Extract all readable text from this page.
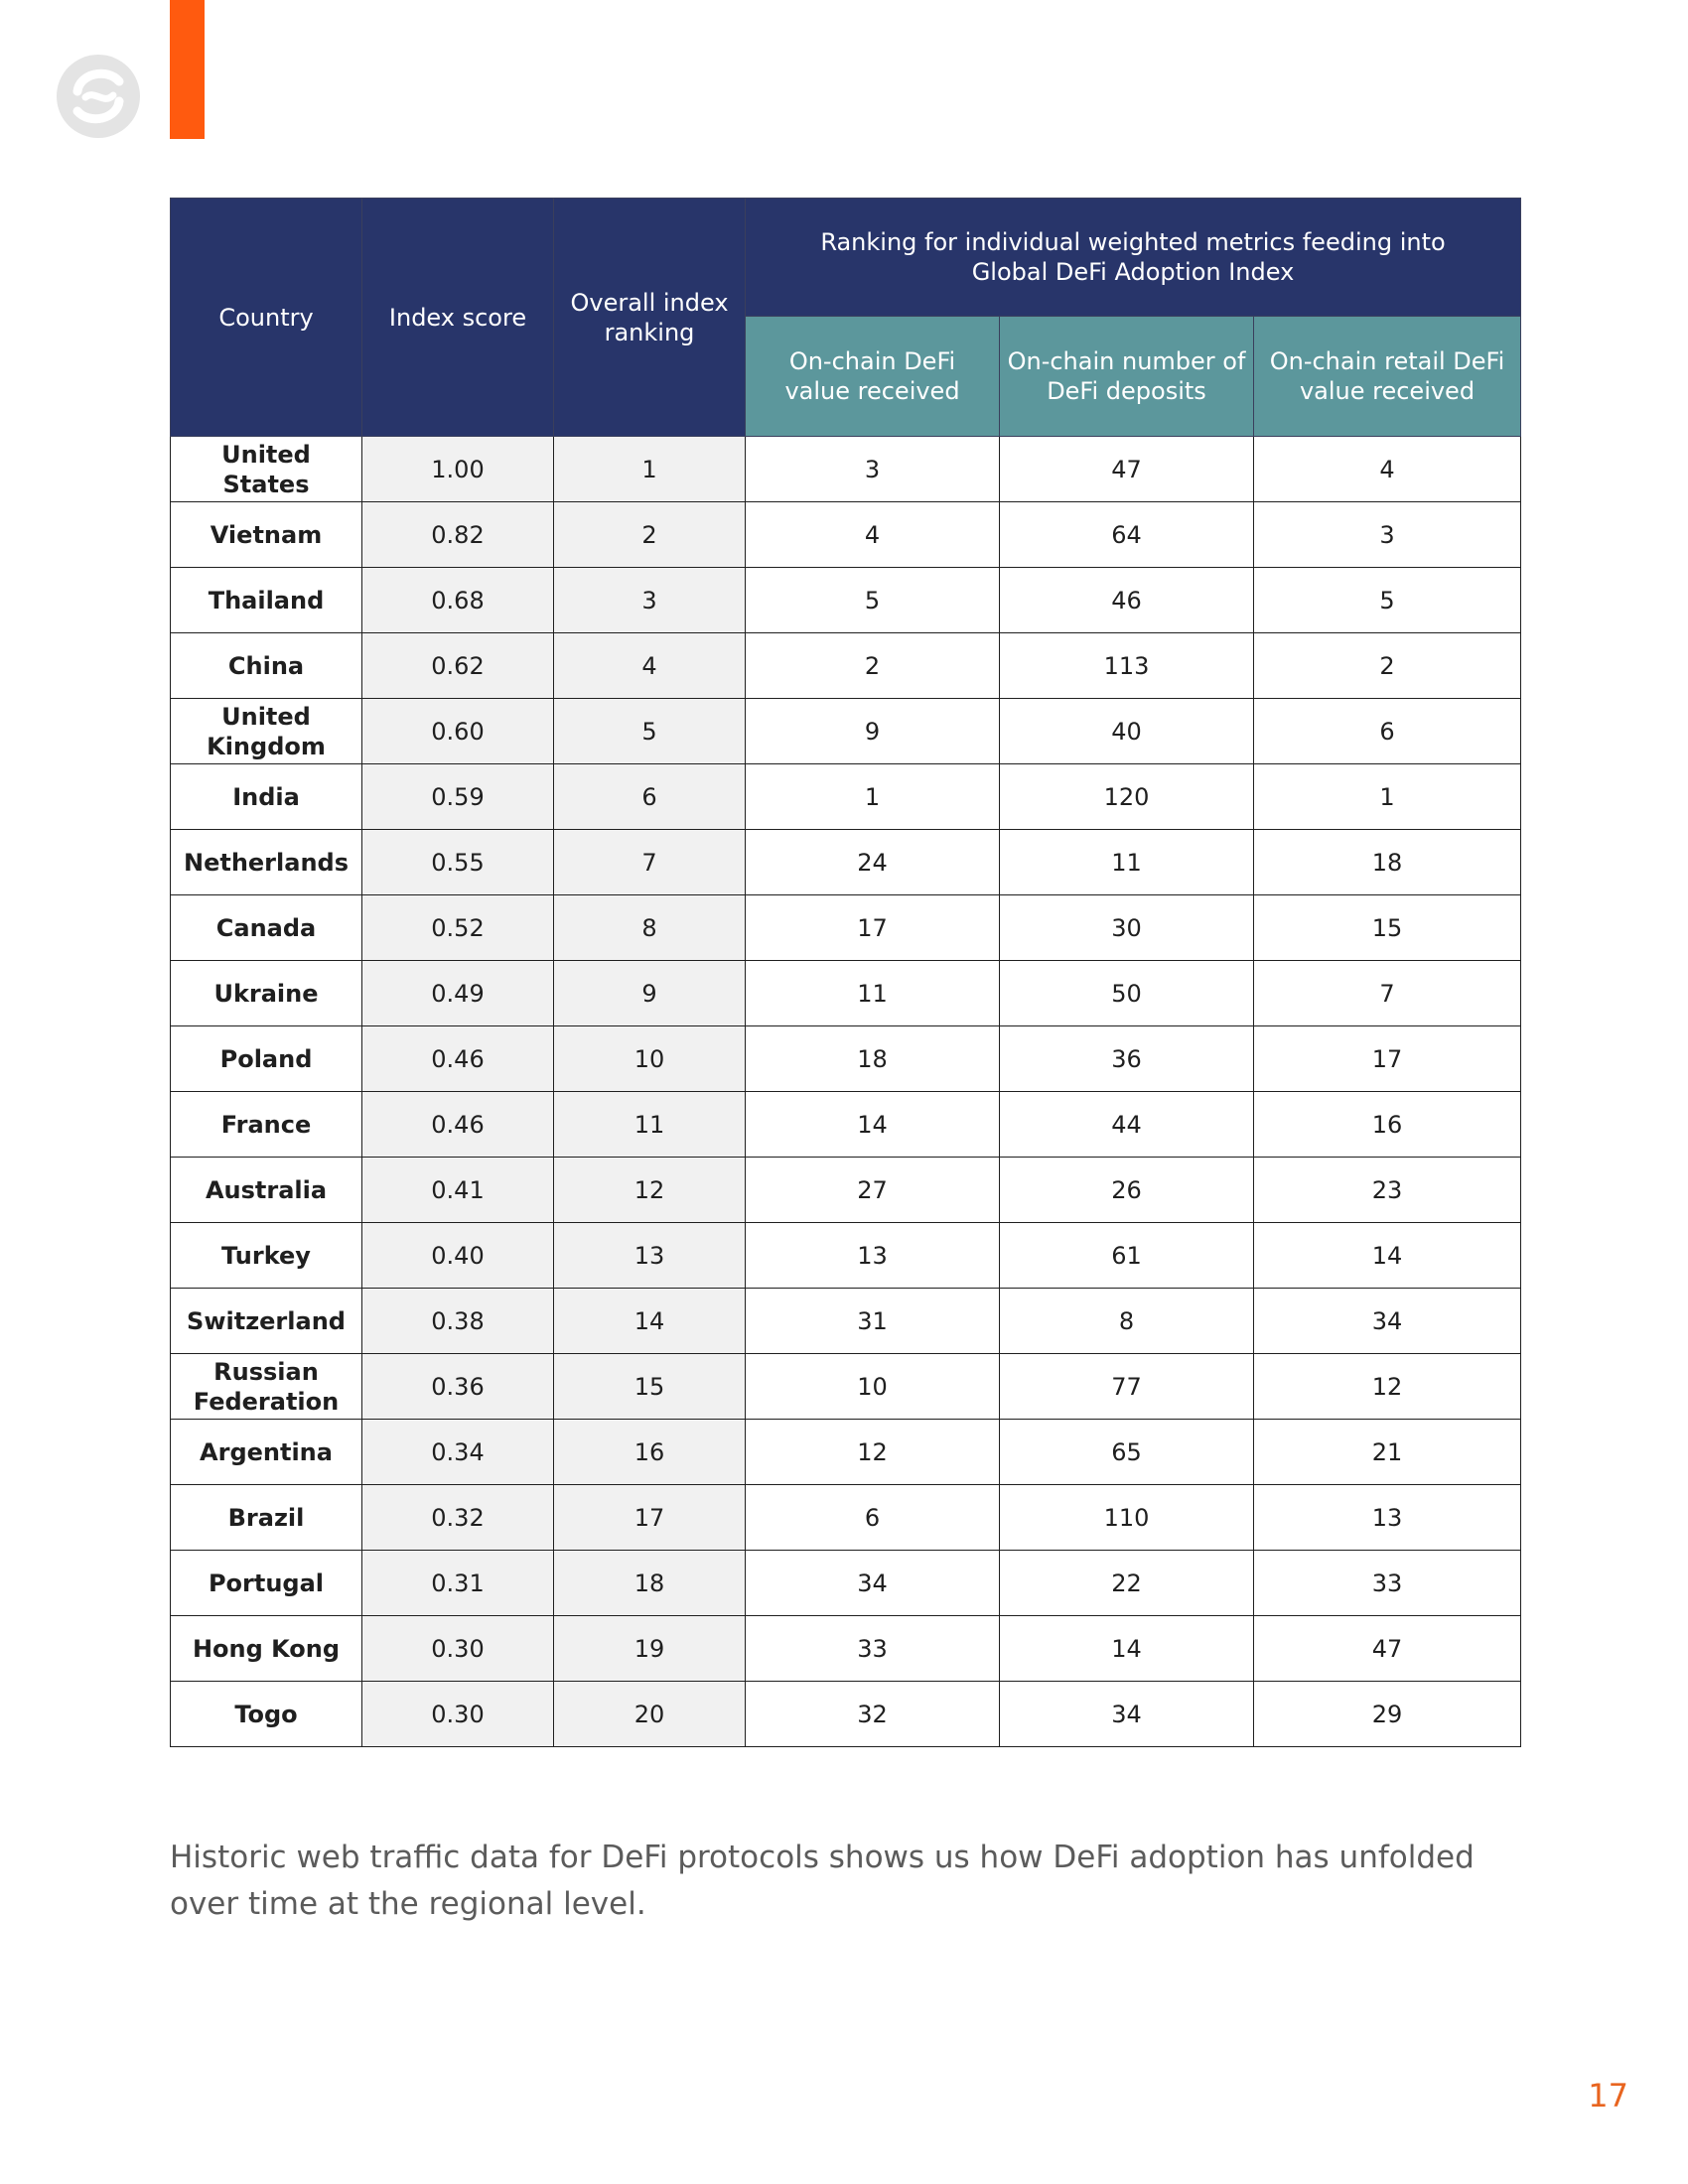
Country	Index score	Overall index ranking	Ranking for individual weighted metrics feeding into Global DeFi Adoption Index		
			On-chain DeFi value received	On-chain number of DeFi deposits	On-chain retail DeFi value received
United States	1.00	1	3	47	4
Vietnam	0.82	2	4	64	3
Thailand	0.68	3	5	46	5
China	0.62	4	2	113	2
United Kingdom	0.60	5	9	40	6
India	0.59	6	1	120	1
Netherlands	0.55	7	24	11	18
Canada	0.52	8	17	30	15
Ukraine	0.49	9	11	50	7
Poland	0.46	10	18	36	17
France	0.46	11	14	44	16
Australia	0.41	12	27	26	23
Turkey	0.40	13	13	61	14
Switzerland	0.38	14	31	8	34
Russian Federation	0.36	15	10	77	12
Argentina	0.34	16	12	65	21
Brazil	0.32	17	6	110	13
Portugal	0.31	18	34	22	33
Hong Kong	0.30	19	33	14	47
Togo	0.30	20	32	34	29

Historic web traffic data for DeFi protocols shows us how DeFi adoption has unfolded over time at the regional level.

17
